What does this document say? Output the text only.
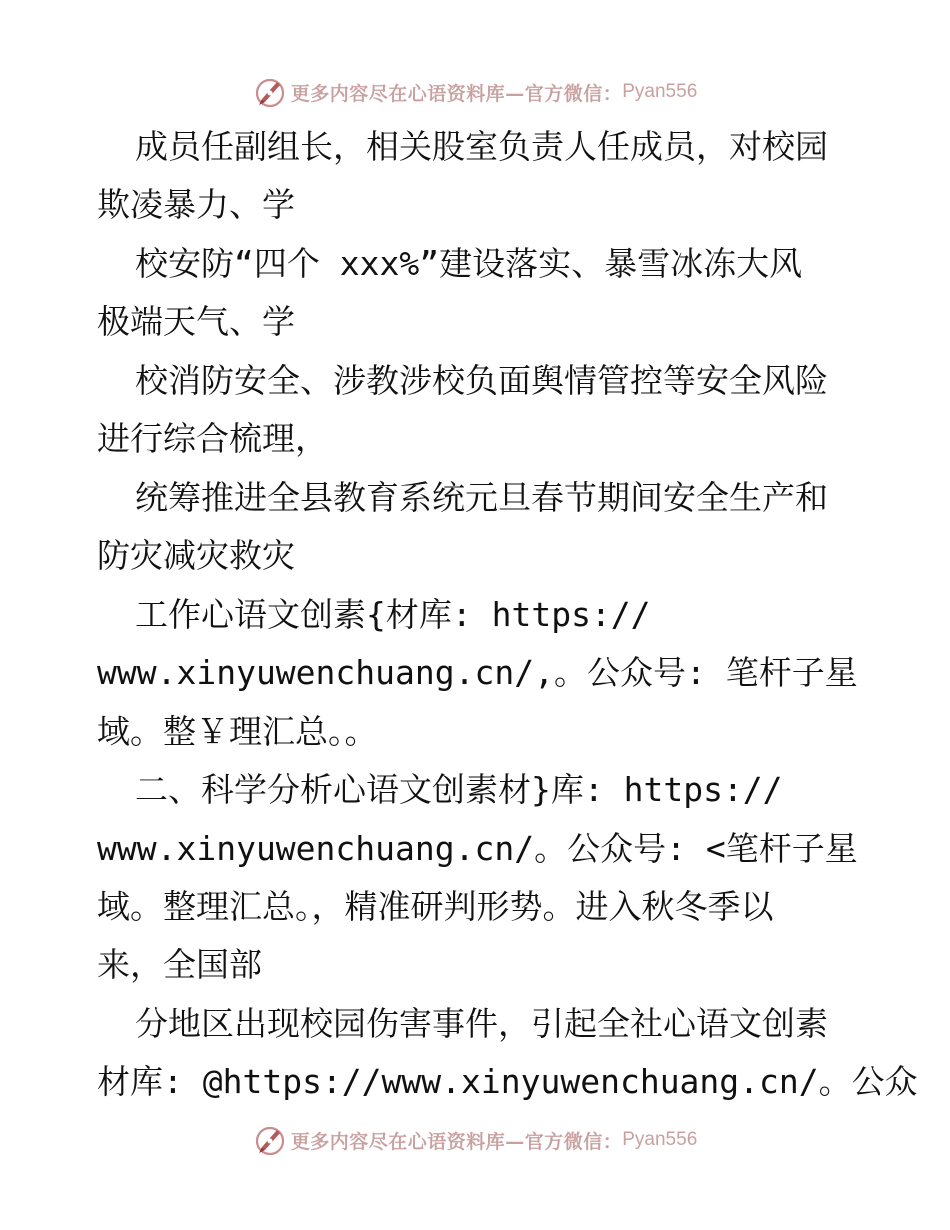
更多内容尽在心语资料库—官方微信： Pyan556
成员任副组长，相关股室负责人任成员，对校园
欺凌暴力、学
校安防“四个 xxx%”建设落实、暴雪冰冻大风
极端天气、学
校消防安全、涉教涉校负面舆情管控等安全风险
进行综合梳理，
统筹推进全县教育系统元旦春节期间安全生产和
防灾减灾救灾
工作心语文创素{材库: https://
www.xinyuwenchuang.cn/,。公众号: 笔杆子星
域。整￥理汇总。。
二、科学分析心语文创素材}库: https://
www.xinyuwenchuang.cn/。公众号: <笔杆子星
域。整理汇总。，精准研判形势。进入秋冬季以
来，全国部
分地区出现校园伤害事件，引起全社心语文创素
材库: @https://www.xinyuwenchuang.cn/。公众
更多内容尽在心语资料库—官方微信： Pyan556
